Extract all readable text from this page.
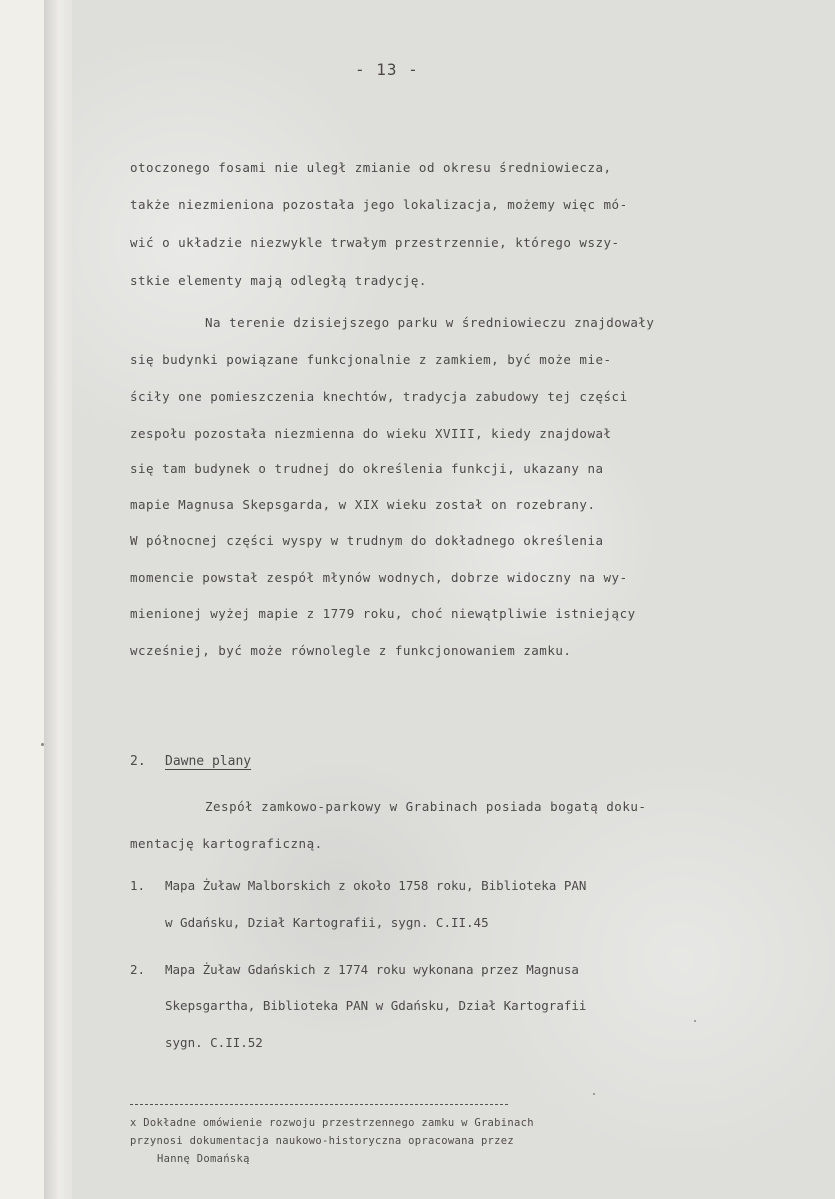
- 13 -
otoczonego fosami nie uległ zmianie od okresu średniowiecza,
także niezmieniona pozostała jego lokalizacja, możemy więc mó-
wić o układzie niezwykle trwałym przestrzennie, którego wszy-
stkie elementy mają odległą tradycję.
Na terenie dzisiejszego parku w średniowieczu znajdowały
się budynki powiązane funkcjonalnie z zamkiem, być może mie-
ściły one pomieszczenia knechtów, tradycja zabudowy tej części
zespołu pozostała niezmienna do wieku XVIII, kiedy znajdował
się tam budynek o trudnej do określenia funkcji, ukazany na
mapie Magnusa Skepsgarda, w XIX wieku został on rozebrany.
W północnej części wyspy w trudnym do dokładnego określenia
momencie powstał zespół młynów wodnych, dobrze widoczny na wy-
mienionej wyżej mapie z 1779 roku, choć niewątpliwie istniejący
wcześniej, być może równolegle z funkcjonowaniem zamku.
2. Dawne plany
Zespół zamkowo-parkowy w Grabinach posiada bogatą doku-
mentację kartograficzną.
1. Mapa Żuław Malborskich z około 1758 roku, Biblioteka PAN
w Gdańsku, Dział Kartografii, sygn. C.II.45
2. Mapa Żuław Gdańskich z 1774 roku wykonana przez Magnusa
Skepsgartha, Biblioteka PAN w Gdańsku, Dział Kartografii
sygn. C.II.52
x Dokładne omówienie rozwoju przestrzennego zamku w Grabinach
przynosi dokumentacja naukowo-historyczna opracowana przez
Hannę Domańską
